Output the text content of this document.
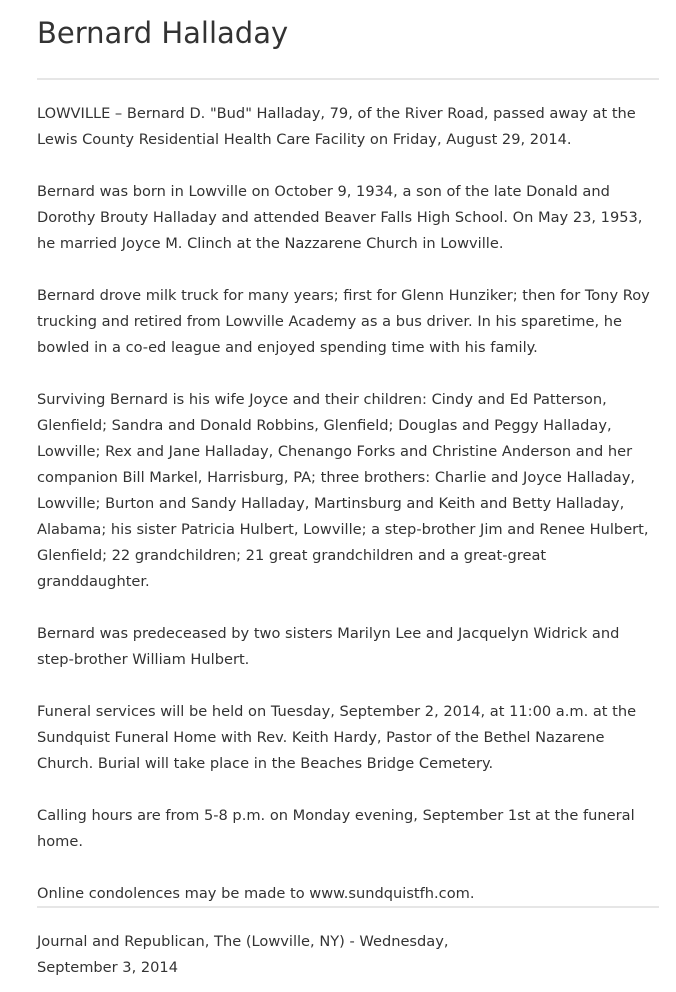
Bernard Halladay

LOWVILLE – Bernard D. "Bud" Halladay, 79, of the River Road, passed away at the Lewis County Residential Health Care Facility on Friday, August 29, 2014.

Bernard was born in Lowville on October 9, 1934, a son of the late Donald and Dorothy Brouty Halladay and attended Beaver Falls High School. On May 23, 1953, he married Joyce M. Clinch at the Nazzarene Church in Lowville.

Bernard drove milk truck for many years; first for Glenn Hunziker; then for Tony Roy trucking and retired from Lowville Academy as a bus driver. In his sparetime, he bowled in a co-ed league and enjoyed spending time with his family.

Surviving Bernard is his wife Joyce and their children: Cindy and Ed Patterson, Glenfield; Sandra and Donald Robbins, Glenfield; Douglas and Peggy Halladay, Lowville; Rex and Jane Halladay, Chenango Forks and Christine Anderson and her companion Bill Markel, Harrisburg, PA; three brothers: Charlie and Joyce Halladay, Lowville; Burton and Sandy Halladay, Martinsburg and Keith and Betty Halladay, Alabama; his sister Patricia Hulbert, Lowville; a step-brother Jim and Renee Hulbert, Glenfield; 22 grandchildren; 21 great grandchildren and a great-great granddaughter.

Bernard was predeceased by two sisters Marilyn Lee and Jacquelyn Widrick and step-brother William Hulbert.

Funeral services will be held on Tuesday, September 2, 2014, at 11:00 a.m. at the Sundquist Funeral Home with Rev. Keith Hardy, Pastor of the Bethel Nazarene Church. Burial will take place in the Beaches Bridge Cemetery.

Calling hours are from 5-8 p.m. on Monday evening, September 1st at the funeral home.

Online condolences may be made to www.sundquistfh.com.

Journal and Republican, The (Lowville, NY) - Wednesday, September 3, 2014
